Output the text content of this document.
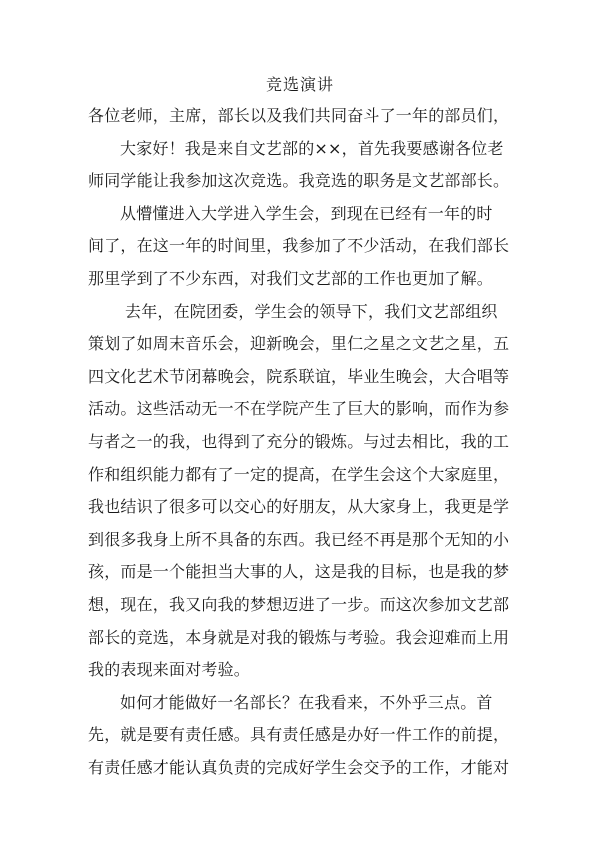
竞选演讲
各位老师，主席，部长以及我们共同奋斗了一年的部员们，
大家好！我是来自文艺部的××，首先我要感谢各位老
师同学能让我参加这次竞选。我竞选的职务是文艺部部长。
从懵懂进入大学进入学生会，到现在已经有一年的时
间了，在这一年的时间里，我参加了不少活动，在我们部长
那里学到了不少东西，对我们文艺部的工作也更加了解。
去年，在院团委，学生会的领导下，我们文艺部组织
策划了如周末音乐会，迎新晚会，里仁之星之文艺之星，五
四文化艺术节闭幕晚会，院系联谊，毕业生晚会，大合唱等
活动。这些活动无一不在学院产生了巨大的影响，而作为参
与者之一的我，也得到了充分的锻炼。与过去相比，我的工
作和组织能力都有了一定的提高，在学生会这个大家庭里，
我也结识了很多可以交心的好朋友，从大家身上，我更是学
到很多我身上所不具备的东西。我已经不再是那个无知的小
孩，而是一个能担当大事的人，这是我的目标，也是我的梦
想，现在，我又向我的梦想迈进了一步。而这次参加文艺部
部长的竞选，本身就是对我的锻炼与考验。我会迎难而上用
我的表现来面对考验。
如何才能做好一名部长？在我看来，不外乎三点。首
先，就是要有责任感。具有责任感是办好一件工作的前提，
有责任感才能认真负责的完成好学生会交予的工作，才能对
